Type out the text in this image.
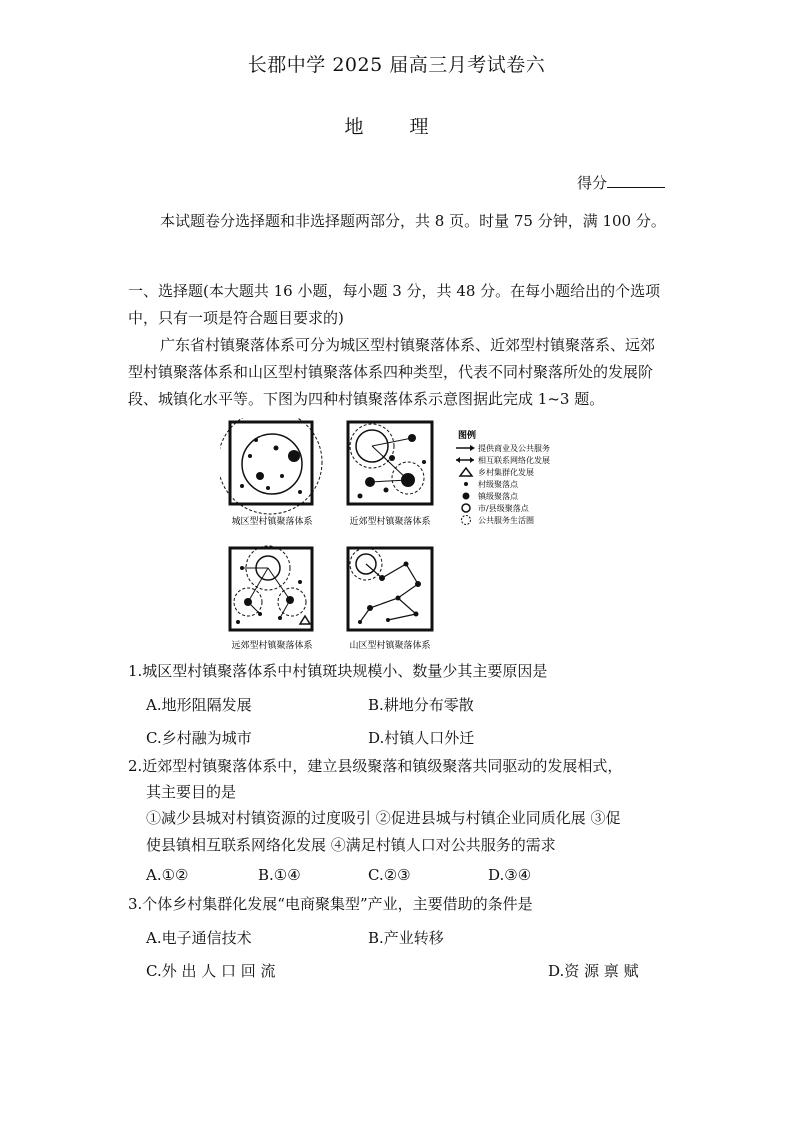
长郡中学 2025 届高三月考试卷六
地 理
得分
本试题卷分选择题和非选择题两部分，共 8 页。时量 75 分钟，满 100 分。
一、选择题(本大题共 16 小题，每小题 3 分，共 48 分。在每小题给出的个选项中，只有一项是符合题目要求的)
广东省村镇聚落体系可分为城区型村镇聚落体系、近郊型村镇聚落系、远郊型村镇聚落体系和山区型村镇聚落体系四种类型，代表不同村聚落所处的发展阶段、城镇化水平等。下图为四种村镇聚落体系示意图据此完成 1~3 题。
城区型村镇聚落体系	近郊型村镇聚落体系
图例
提供商业及公共服务
相互联系网络化发展
乡村集群化发展
村级聚落点
镇级聚落点
市/县级聚落点
公共服务生活圈
远郊型村镇聚落体系	山区型村镇聚落体系
1.城区型村镇聚落体系中村镇斑块规模小、数量少其主要原因是
A.地形阻隔发展	B.耕地分布零散
C.乡村融为城市	D.村镇人口外迁
2.近郊型村镇聚落体系中，建立县级聚落和镇级聚落共同驱动的发展相式，
其主要目的是
①减少县城对村镇资源的过度吸引 ②促进县城与村镇企业同质化展 ③促
使县镇相互联系网络化发展 ④满足村镇人口对公共服务的需求
A.①②	B.①④	C.②③	D.③④
3.个体乡村集群化发展“电商聚集型”产业，主要借助的条件是
A.电子通信技术	B.产业转移
C.外 出 人 口 回 流	D.资 源 禀 赋
